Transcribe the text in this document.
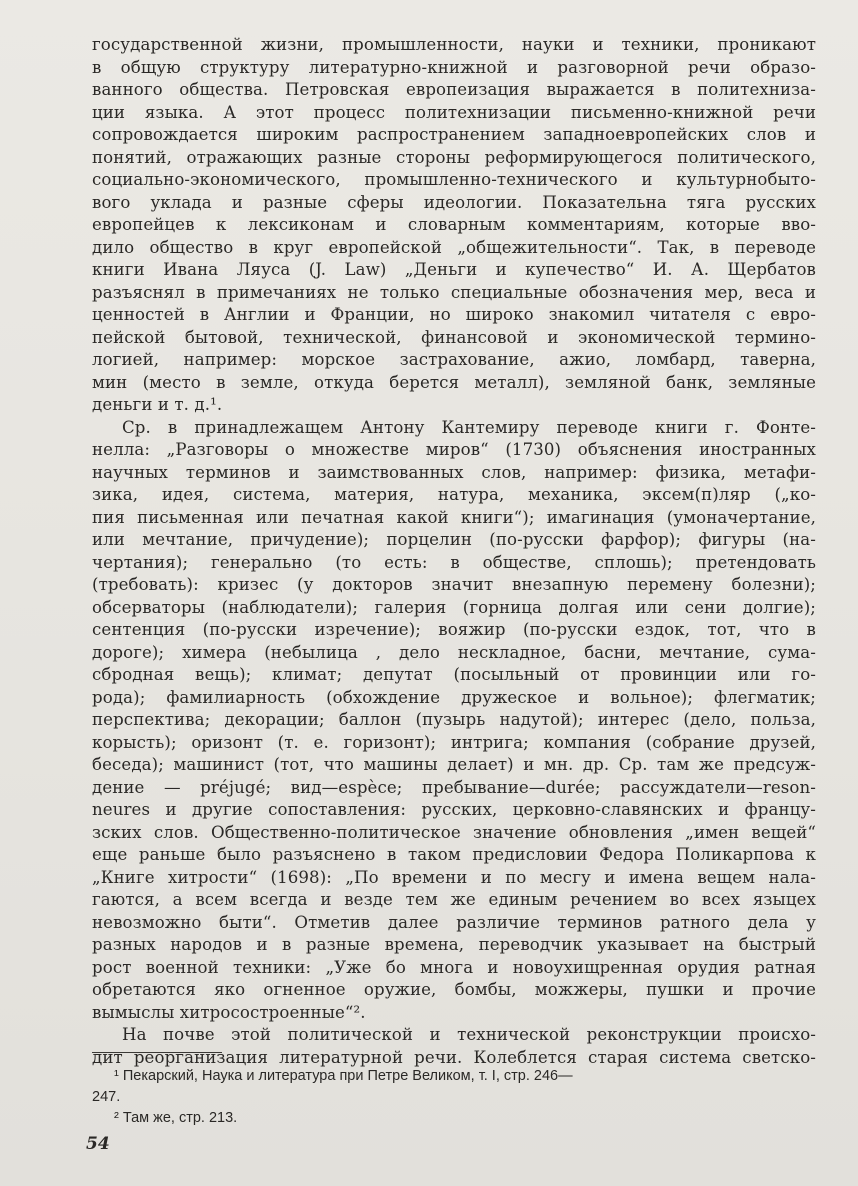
государственной жизни, промышленности, науки и техники, проникают
в общую структуру литературно-книжной и разговорной речи образо-
ванного общества. Петровская европеизация выражается в политехниза-
ции языка. А этот процесс политехнизации письменно-книжной речи
сопровождается широким распространением западноевропейских слов и
понятий, отражающих разные стороны реформирующегося политического,
социально-экономического, промышленно-технического и культурнобыто-
вого уклада и разные сферы идеологии. Показательна тяга русских
европейцев к лексиконам и словарным комментариям, которые вво-
дило общество в круг европейской „общежительности“. Так, в переводе
книги Ивана Ляуса (J. Law) „Деньги и купечество“ И. А. Щербатов
разъяснял в примечаниях не только специальные обозначения мер, веса и
ценностей в Англии и Франции, но широко знакомил читателя с евро-
пейской бытовой, технической, финансовой и экономической термино-
логией, например: морское застрахование, ажио, ломбард, таверна,
мин (место в земле, откуда берется металл), земляной банк, земляные
деньги и т. д.¹.
Ср. в принадлежащем Антону Кантемиру переводе книги г. Фонте-
нелла: „Разговоры о множестве миров“ (1730) объяснения иностранных
научных терминов и заимствованных слов, например: физика, метафи-
зика, идея, система, материя, натура, механика, эксем(п)ляр („ко-
пия письменная или печатная какой книги“); имагинация (умоначертание,
или мечтание, причудение); порцелин (по-русски фарфор); фигуры (на-
чертания); генерально (то есть: в обществе, сплошь); претендовать
(требовать): кризес (у докторов значит внезапную перемену болезни);
обсерваторы (наблюдатели); галерия (горница долгая или сени долгие);
сентенция (по-русски изречение); вояжир (по-русски ездок, тот, что в
дороге); химера (небылица , дело нескладное, басни, мечтание, сума-
сбродная вещь); климат; депутат (посыльный от провинции или го-
рода); фамилиарность (обхождение дружеское и вольное); флегматик;
перспектива; декорации; баллон (пузырь надутой); интерес (дело, польза,
корысть); оризонт (т. е. горизонт); интрига; компания (собрание друзей,
беседа); машинист (тот, что машины делает) и мн. др. Ср. там же предсуж-
дение — préjugé; вид—espèce; пребывание—durée; рассуждатели—reson-
neures и другие сопоставления: русских, церковно-славянских и францу-
зских слов. Общественно-политическое значение обновления „имен вещей“
еще раньше было разъяснено в таком предисловии Федора Поликарпова к
„Книге хитрости“ (1698): „По времени и по месгу и имена вещем нала-
гаются, а всем всегда и везде тем же единым речением во всех языцех
невозможно быти“. Отметив далее различие терминов ратного дела у
разных народов и в разные времена, переводчик указывает на быстрый
рост военной техники: „Уже бо многа и новоухищренная орудия ратная
обретаются яко огненное оружие, бомбы, можжеры, пушки и прочие
вымыслы хитросостроенные“².
На почве этой политической и технической реконструкции происхо-
дит реорганизация литературной речи. Колеблется старая система светско-
¹ Пекарский, Наука и литература при Петре Великом, т. I, стр. 246—
247.
² Там же, стр. 213.
54
